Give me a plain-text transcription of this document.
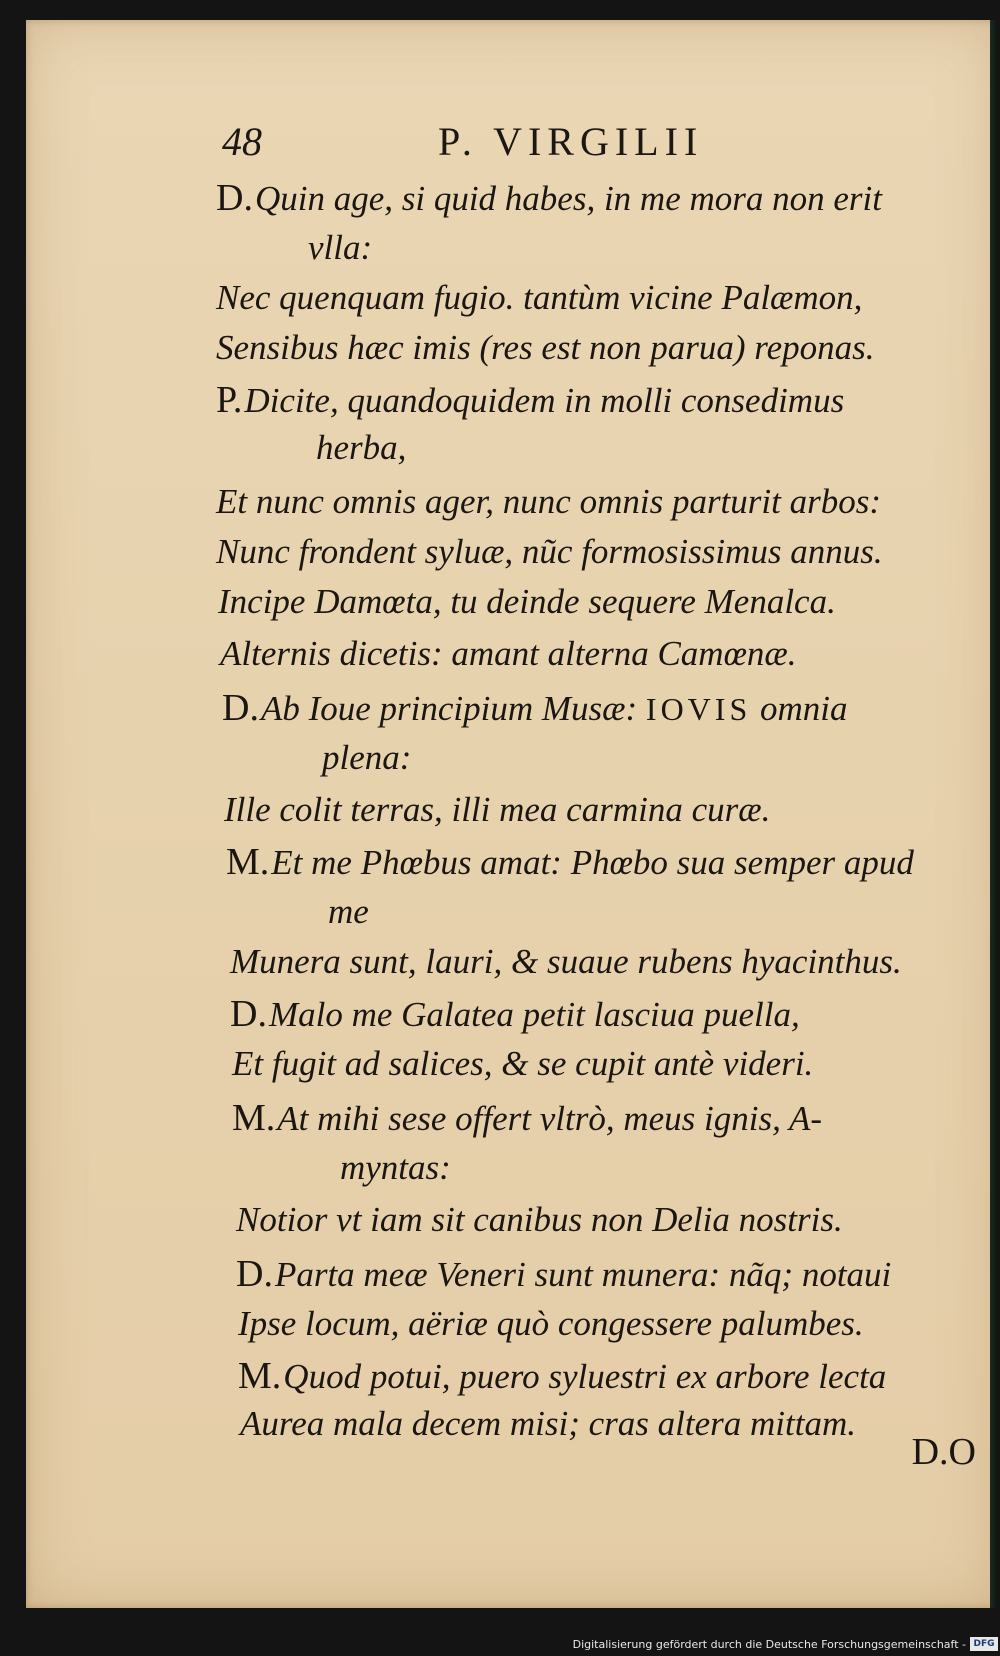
48	P. VIRGILII
D.Quin age, si quid habes, in me mora non erit
vlla:
Nec quenquam fugio. tantùm vicine Palæmon,
Sensibus hæc imis (res est non parua) reponas.
P.Dicite, quandoquidem in molli consedimus
herba,
Et nunc omnis ager, nunc omnis parturit arbos:
Nunc frondent syluæ, nũc formosissimus annus.
Incipe Damœta, tu deinde sequere Menalca.
Alternis dicetis: amant alterna Camœnæ.
D.Ab Ioue principium Musæ: IOVIS omnia
plena:
Ille colit terras, illi mea carmina curæ.
M.Et me Phœbus amat: Phœbo sua semper apud
me
Munera sunt, lauri, & suaue rubens hyacinthus.
D.Malo me Galatea petit lasciua puella,
Et fugit ad salices, & se cupit antè videri.
M.At mihi sese offert vltrò, meus ignis, A-
myntas:
Notior vt iam sit canibus non Delia nostris.
D.Parta meæ Veneri sunt munera: nãq; notaui
Ipse locum, aëriæ quò congessere palumbes.
M.Quod potui, puero syluestri ex arbore lecta
Aurea mala decem misi; cras altera mittam.
D.O
Digitalisierung gefördert durch die Deutsche Forschungsgemeinschaft - DFG
